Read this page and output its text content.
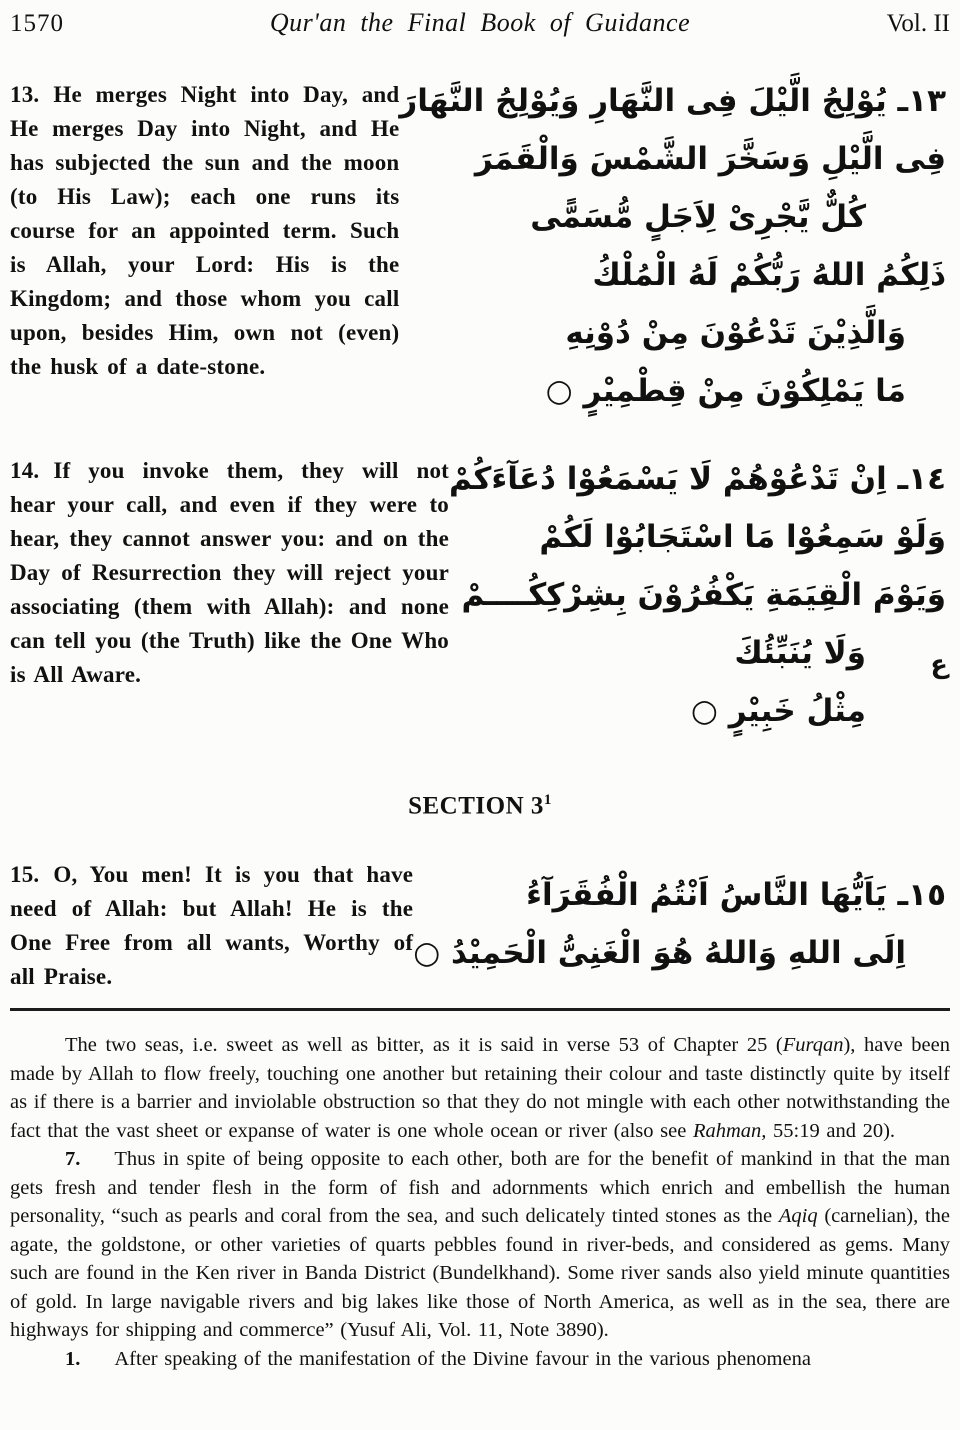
1570	Qur'an the Final Book of Guidance	Vol. II

13. He merges Night into Day, and He merges Day into Night, and He has subjected the sun and the moon (to His Law); each one runs its course for an appointed term. Such is Allah, your Lord: His is the Kingdom; and those whom you call upon, besides Him, own not (even) the husk of a date-stone.

١٣ـ يُوْلِجُ الَّيْلَ فِى النَّهَارِ وَيُوْلِجُ النَّهَارَ
فِى الَّيْلِ وَسَخَّرَ الشَّمْسَ وَالْقَمَرَ
كُلٌّ يَّجْرِىْ لِاَجَلٍ مُّسَمًّى
ذَلِكُمُ اللهُ رَبُّكُمْ لَهُ الْمُلْكُ
وَالَّذِيْنَ تَدْعُوْنَ مِنْ دُوْنِهِ
مَا يَمْلِكُوْنَ مِنْ قِطْمِيْرٍ ○

14. If you invoke them, they will not hear your call, and even if they were to hear, they cannot answer you: and on the Day of Resurrection they will reject your associating (them with Allah): and none can tell you (the Truth) like the One Who is All Aware.

١٤ـ اِنْ تَدْعُوْهُمْ لَا يَسْمَعُوْا دُعَآءَكُمْ
وَلَوْ سَمِعُوْا مَا اسْتَجَابُوْا لَكُمْ
وَيَوْمَ الْقِيَمَةِ يَكْفُرُوْنَ بِشِرْكِكُــــمْ
وَلَا يُنَبِّئُكَ
مِثْلُ خَبِيْرٍ ○
ع
SECTION $3^1$

15. O, You men! It is you that have need of Allah: but Allah! He is the One Free from all wants, Worthy of all Praise.

١٥ـ يَاَيُّهَا النَّاسُ اَنْتُمُ الْفُقَرَآءُ
اِلَى اللهِ وَاللهُ هُوَ الْغَنِىُّ الْحَمِيْدُ ○

The two seas, i.e. sweet as well as bitter, as it is said in verse 53 of Chapter 25 (Furqan), have been made by Allah to flow freely, touching one another but retaining their colour and taste distinctly quite by itself as if there is a barrier and inviolable obstruction so that they do not mingle with each other notwithstanding the fact that the vast sheet or expanse of water is one whole ocean or river (also see Rahman, 55:19 and 20).

7. Thus in spite of being opposite to each other, both are for the benefit of mankind in that the man gets fresh and tender flesh in the form of fish and adornments which enrich and embellish the human personality, “such as pearls and coral from the sea, and such delicately tinted stones as the Aqiq (carnelian), the agate, the goldstone, or other varieties of quarts pebbles found in river-beds, and considered as gems. Many such are found in the Ken river in Banda District (Bundelkhand). Some river sands also yield minute quantities of gold. In large navigable rivers and big lakes like those of North America, as well as in the sea, there are highways for shipping and commerce” (Yusuf Ali, Vol. 11, Note 3890).

1. After speaking of the manifestation of the Divine favour in the various phenomena
